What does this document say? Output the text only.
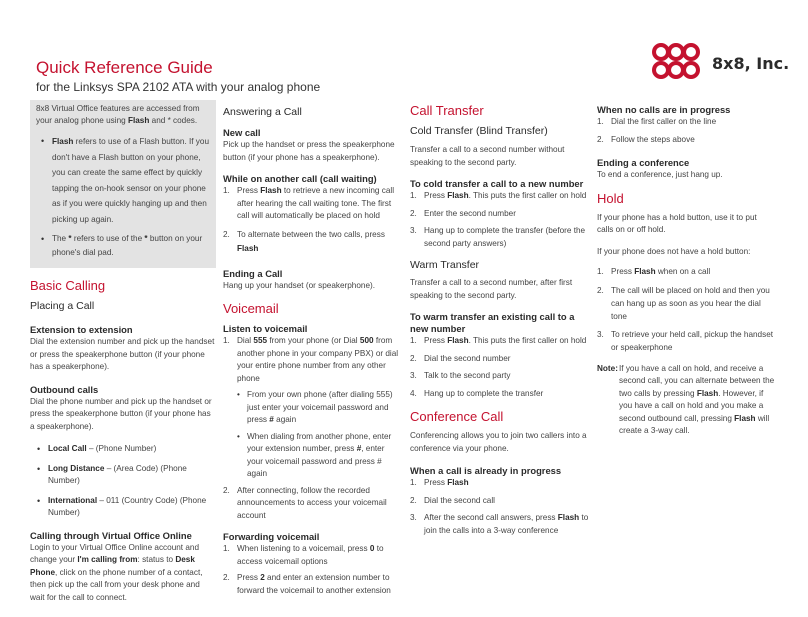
Quick Reference Guide
for the Linksys SPA 2102 ATA with your analog phone
8x8, Inc.
8x8 Virtual Office features are accessed from your analog phone using Flash and * codes.
• Flash refers to use of a Flash button. If you don't have a Flash button on your phone, you can create the same effect by quickly tapping the on-hook sensor on your phone as if you were quickly hanging up and then picking up again.
• The * refers to use of the * button on your phone's dial pad.
Basic Calling
Placing a Call
Extension to extension
Dial the extension number and pick up the handset or press the speakerphone button (if your phone has a speakerphone).
Outbound calls
Dial the phone number and pick up the handset or press the speakerphone button (if your phone has a speakerphone).
• Local Call – (Phone Number)
• Long Distance – (Area Code) (Phone Number)
• International – 011 (Country Code) (Phone Number)
Calling through Virtual Office Online
Login to your Virtual Office Online account and change your I'm calling from: status to Desk Phone, click on the phone number of a contact, then pick up the call from your desk phone and wait for the call to connect.
Answering a Call
New call
Pick up the handset or press the speakerphone button (if your phone has a speakerphone).
While on another call (call waiting)
1. Press Flash to retrieve a new incoming call after hearing the call waiting tone. The first call will automatically be placed on hold
2. To alternate between the two calls, press Flash
Ending a Call
Hang up your handset (or speakerphone).
Voicemail
Listen to voicemail
1. Dial 555 from your phone (or Dial 500 from another phone in your company PBX) or dial your entire phone number from any other phone
• From your own phone (after dialing 555) just enter your voicemail password and press # again
• When dialing from another phone, enter your extension number, press #, enter your voicemail password and press # again
2. After connecting, follow the recorded announcements to access your voicemail account
Forwarding voicemail
1. When listening to a voicemail, press 0 to access voicemail options
2. Press 2 and enter an extension number to forward the voicemail to another extension
Call Transfer
Cold Transfer (Blind Transfer)
Transfer a call to a second number without speaking to the second party.
To cold transfer a call to a new number
1. Press Flash. This puts the first caller on hold
2. Enter the second number
3. Hang up to complete the transfer (before the second party answers)
Warm Transfer
Transfer a call to a second number, after first speaking to the second party.
To warm transfer an existing call to a new number
1. Press Flash. This puts the first caller on hold
2. Dial the second number
3. Talk to the second party
4. Hang up to complete the transfer
Conference Call
Conferencing allows you to join two callers into a conference via your phone.
When a call is already in progress
1. Press Flash
2. Dial the second call
3. After the second call answers, press Flash to join the calls into a 3-way conference
When no calls are in progress
1. Dial the first caller on the line
2. Follow the steps above
Ending a conference
To end a conference, just hang up.
Hold
If your phone has a hold button, use it to put calls on or off hold.
If your phone does not have a hold button:
1. Press Flash when on a call
2. The call will be placed on hold and then you can hang up as soon as you hear the dial tone
3. To retrieve your held call, pickup the handset or speakerphone
Note: If you have a call on hold, and receive a second call, you can alternate between the two calls by pressing Flash. However, if you have a call on hold and you make a second outbound call, pressing Flash will create a 3-way call.
